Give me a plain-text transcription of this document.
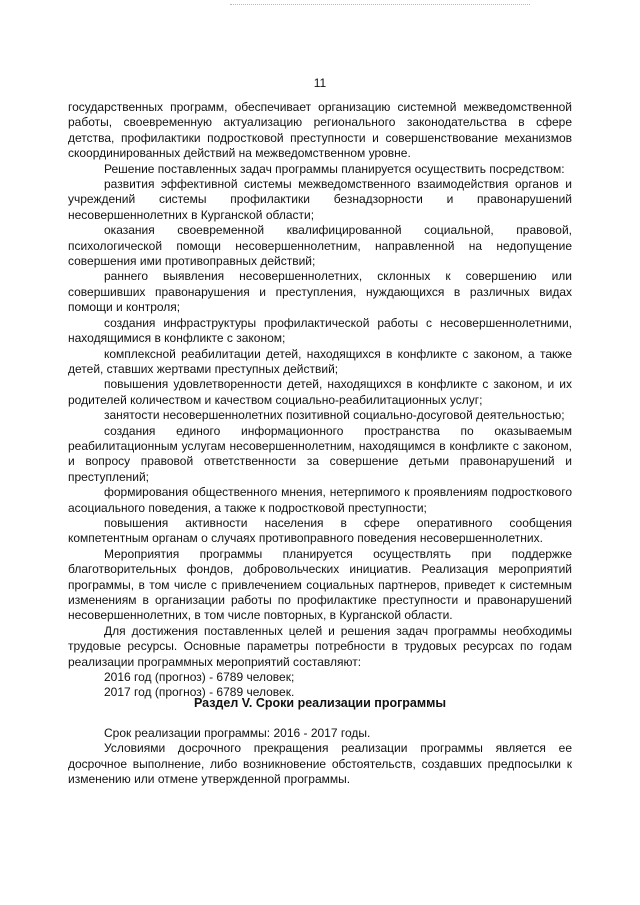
11

государственных программ, обеспечивает организацию системной межведомственной работы, своевременную актуализацию регионального законодательства в сфере детства, профилактики подростковой преступности и совершенствование механизмов скоординированных действий на межведомственном уровне.

Решение поставленных задач программы планируется осуществить посредством:

развития эффективной системы межведомственного взаимодействия органов и учреждений системы профилактики безнадзорности и правонарушений несовершеннолетних в Курганской области;

оказания своевременной квалифицированной социальной, правовой, психологической помощи несовершеннолетним, направленной на недопущение совершения ими противоправных действий;

раннего выявления несовершеннолетних, склонных к совершению или совершивших правонарушения и преступления, нуждающихся в различных видах помощи и контроля;

создания инфраструктуры профилактической работы с несовершеннолетними, находящимися в конфликте с законом;

комплексной реабилитации детей, находящихся в конфликте с законом, а также детей, ставших жертвами преступных действий;

повышения удовлетворенности детей, находящихся в конфликте с законом, и их родителей количеством и качеством социально-реабилитационных услуг;

занятости несовершеннолетних позитивной социально-досуговой деятельностью;

создания единого информационного пространства по оказываемым реабилитационным услугам несовершеннолетним, находящимся в конфликте с законом, и вопросу правовой ответственности за совершение детьми правонарушений и преступлений;

формирования общественного мнения, нетерпимого к проявлениям подросткового асоциального поведения, а также к подростковой преступности;

повышения активности населения в сфере оперативного сообщения компетентным органам о случаях противоправного поведения несовершеннолетних.

Мероприятия программы планируется осуществлять при поддержке благотворительных фондов, добровольческих инициатив. Реализация мероприятий программы, в том числе с привлечением социальных партнеров, приведет к системным изменениям в организации работы по профилактике преступности и правонарушений несовершеннолетних, в том числе повторных, в Курганской области.

Для достижения поставленных целей и решения задач программы необходимы трудовые ресурсы. Основные параметры потребности в трудовых ресурсах по годам реализации программных мероприятий составляют:

2016 год (прогноз) - 6789 человек;

2017 год (прогноз) - 6789 человек.

Раздел V. Сроки реализации программы

Срок реализации программы: 2016 - 2017 годы.

Условиями досрочного прекращения реализации программы является ее досрочное выполнение, либо возникновение обстоятельств, создавших предпосылки к изменению или отмене утвержденной программы.
